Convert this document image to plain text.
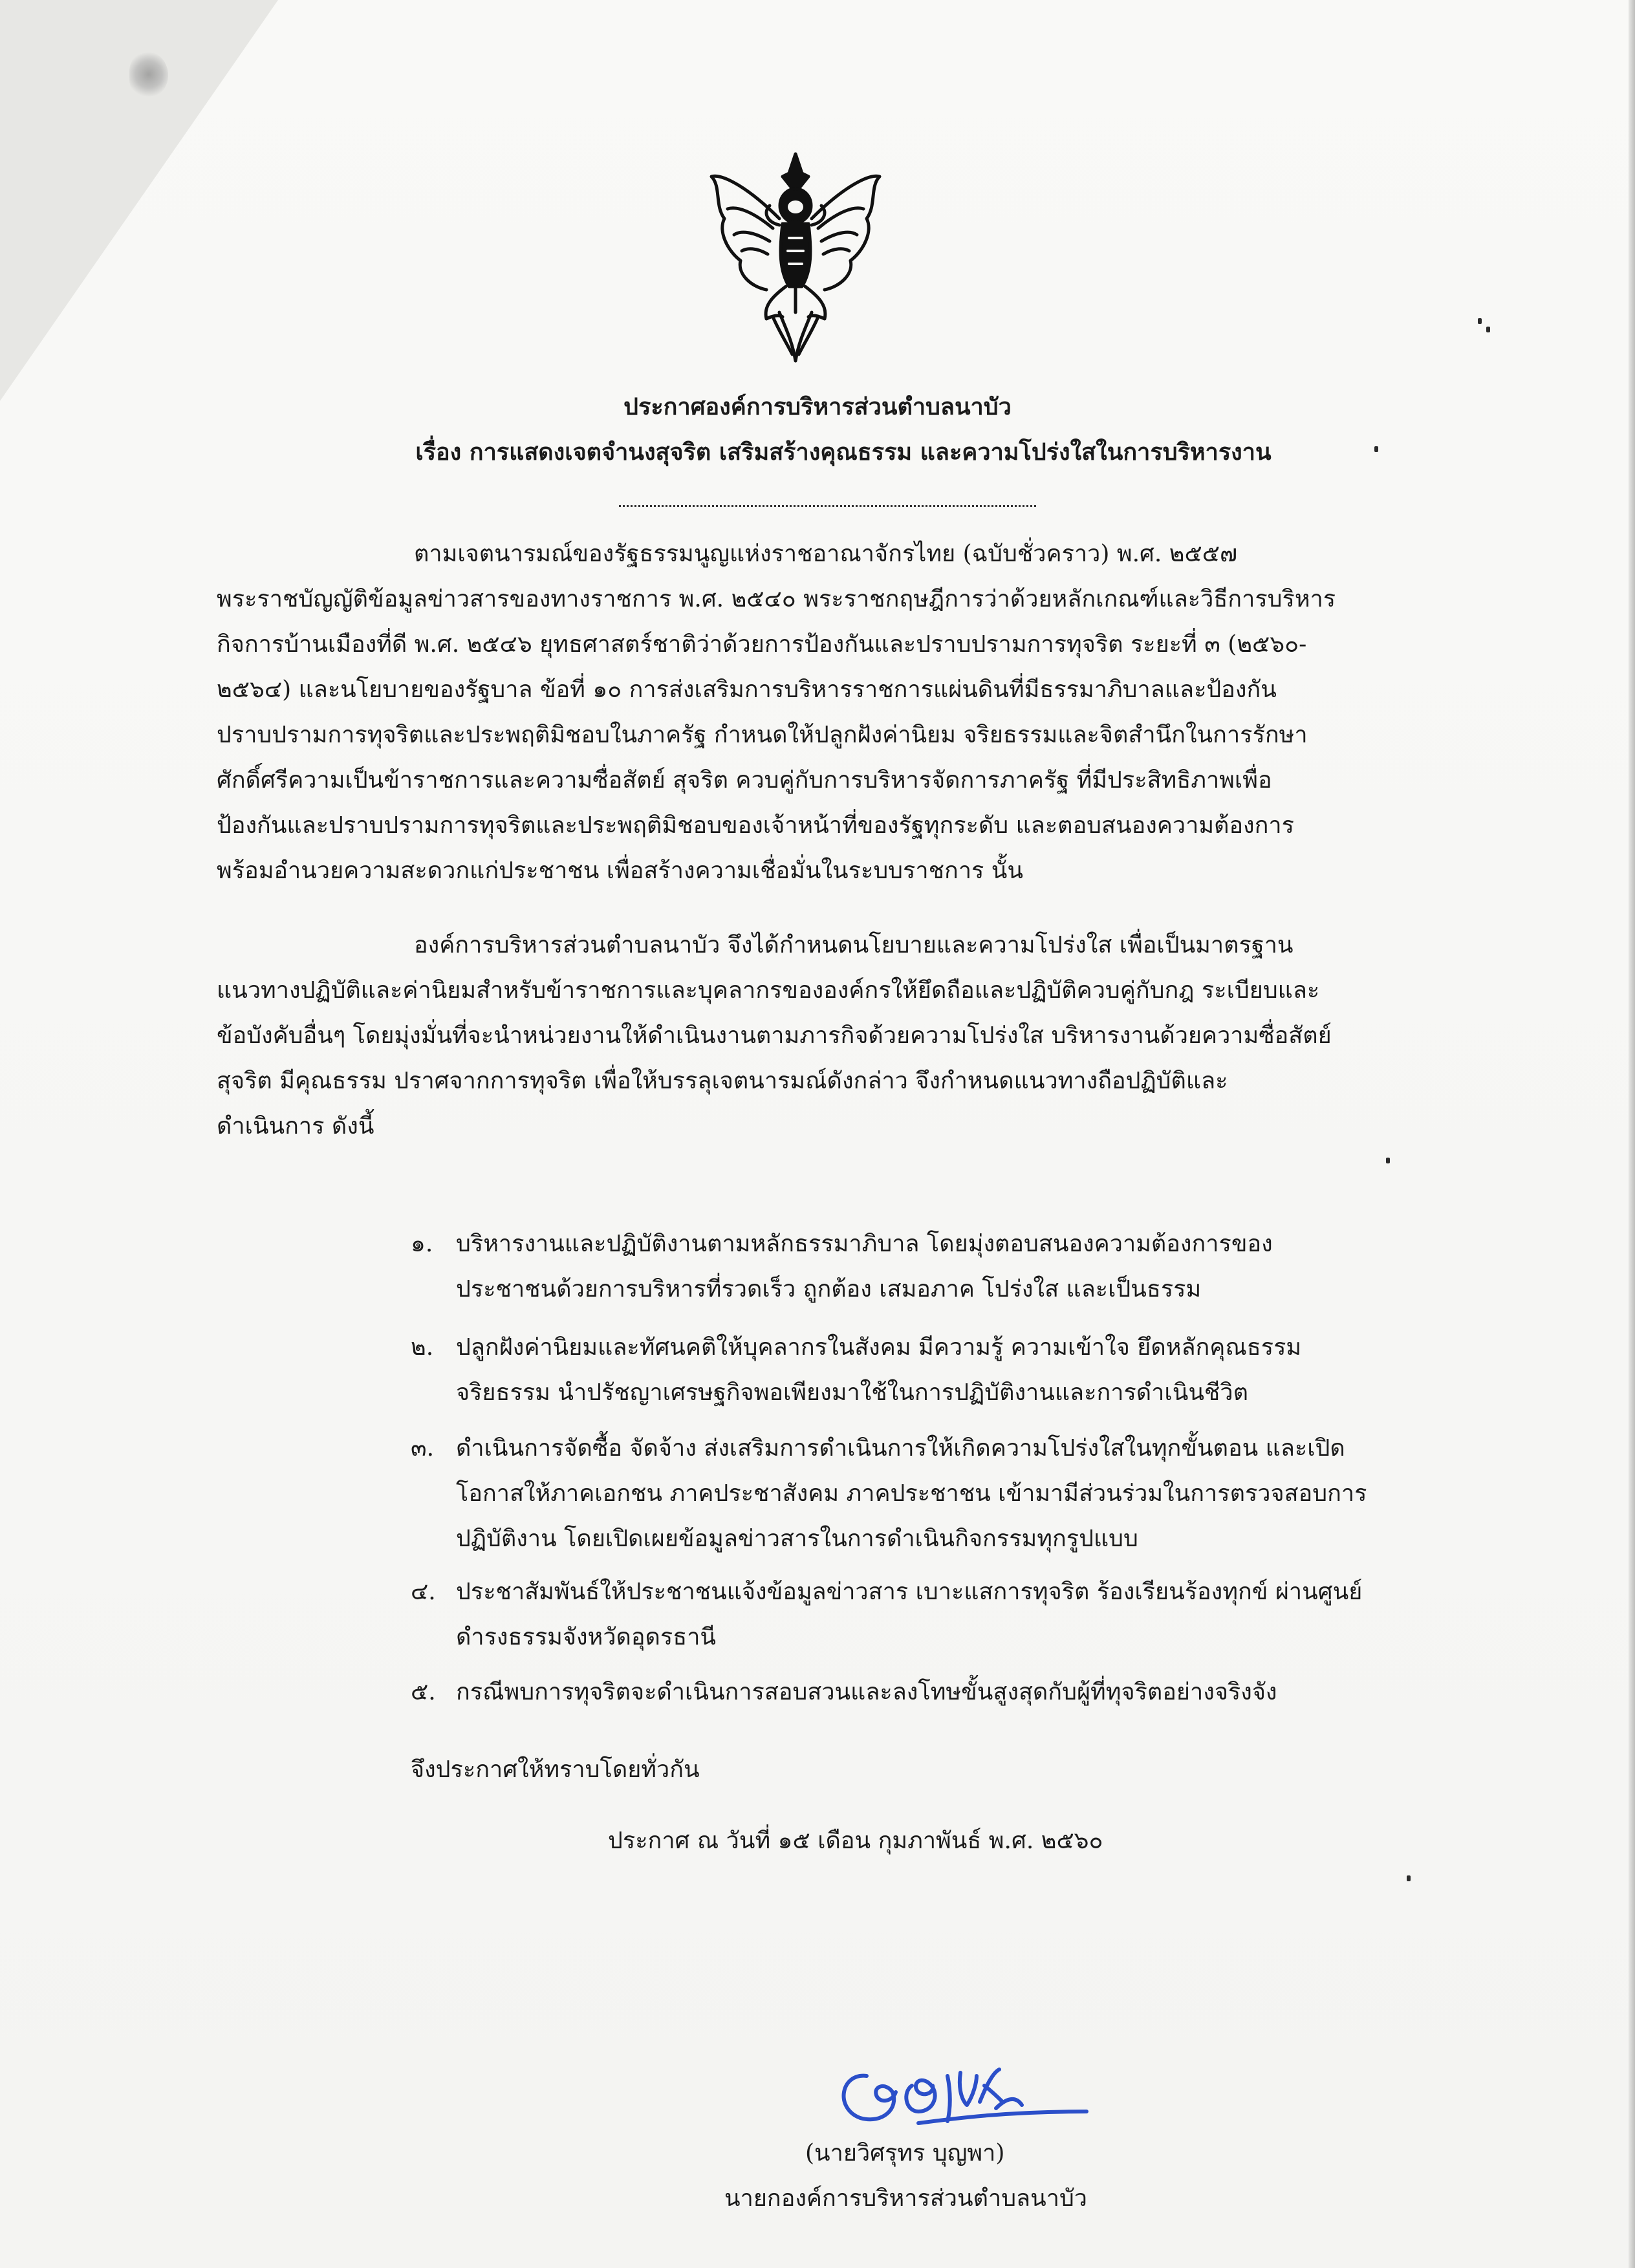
ประกาศองค์การบริหารส่วนตำบลนาบัว
เรื่อง การแสดงเจตจำนงสุจริต เสริมสร้างคุณธรรม และความโปร่งใสในการบริหารงาน
ตามเจตนารมณ์ของรัฐธรรมนูญแห่งราชอาณาจักรไทย (ฉบับชั่วคราว) พ.ศ. ๒๕๕๗
พระราชบัญญัติข้อมูลข่าวสารของทางราชการ พ.ศ. ๒๕๔๐ พระราชกฤษฎีการว่าด้วยหลักเกณฑ์และวิธีการบริหาร
กิจการบ้านเมืองที่ดี พ.ศ. ๒๕๔๖ ยุทธศาสตร์ชาติว่าด้วยการป้องกันและปราบปรามการทุจริต ระยะที่ ๓ (๒๕๖๐-
๒๕๖๔) และนโยบายของรัฐบาล ข้อที่ ๑๐ การส่งเสริมการบริหารราชการแผ่นดินที่มีธรรมาภิบาลและป้องกัน
ปราบปรามการทุจริตและประพฤติมิชอบในภาครัฐ กำหนดให้ปลูกฝังค่านิยม จริยธรรมและจิตสำนึกในการรักษา
ศักดิ์ศรีความเป็นข้าราชการและความซื่อสัตย์ สุจริต ควบคู่กับการบริหารจัดการภาครัฐ ที่มีประสิทธิภาพเพื่อ
ป้องกันและปราบปรามการทุจริตและประพฤติมิชอบของเจ้าหน้าที่ของรัฐทุกระดับ และตอบสนองความต้องการ
พร้อมอำนวยความสะดวกแก่ประชาชน เพื่อสร้างความเชื่อมั่นในระบบราชการ นั้น
องค์การบริหารส่วนตำบลนาบัว จึงได้กำหนดนโยบายและความโปร่งใส เพื่อเป็นมาตรฐาน
แนวทางปฏิบัติและค่านิยมสำหรับข้าราชการและบุคลากรขององค์กรให้ยึดถือและปฏิบัติควบคู่กับกฎ ระเบียบและ
ข้อบังคับอื่นๆ โดยมุ่งมั่นที่จะนำหน่วยงานให้ดำเนินงานตามภารกิจด้วยความโปร่งใส บริหารงานด้วยความซื่อสัตย์
สุจริต มีคุณธรรม ปราศจากการทุจริต เพื่อให้บรรลุเจตนารมณ์ดังกล่าว จึงกำหนดแนวทางถือปฏิบัติและ
ดำเนินการ ดังนี้
๑. บริหารงานและปฏิบัติงานตามหลักธรรมาภิบาล โดยมุ่งตอบสนองความต้องการของ
ประชาชนด้วยการบริหารที่รวดเร็ว ถูกต้อง เสมอภาค โปร่งใส และเป็นธรรม
๒. ปลูกฝังค่านิยมและทัศนคติให้บุคลากรในสังคม มีความรู้ ความเข้าใจ ยึดหลักคุณธรรม
จริยธรรม นำปรัชญาเศรษฐกิจพอเพียงมาใช้ในการปฏิบัติงานและการดำเนินชีวิต
๓. ดำเนินการจัดซื้อ จัดจ้าง ส่งเสริมการดำเนินการให้เกิดความโปร่งใสในทุกขั้นตอน และเปิด
โอกาสให้ภาคเอกชน ภาคประชาสังคม ภาคประชาชน เข้ามามีส่วนร่วมในการตรวจสอบการ
ปฏิบัติงาน โดยเปิดเผยข้อมูลข่าวสารในการดำเนินกิจกรรมทุกรูปแบบ
๔. ประชาสัมพันธ์ให้ประชาชนแจ้งข้อมูลข่าวสาร เบาะแสการทุจริต ร้องเรียนร้องทุกข์ ผ่านศูนย์
ดำรงธรรมจังหวัดอุดรธานี
๕. กรณีพบการทุจริตจะดำเนินการสอบสวนและลงโทษขั้นสูงสุดกับผู้ที่ทุจริตอย่างจริงจัง
จึงประกาศให้ทราบโดยทั่วกัน
ประกาศ ณ วันที่ ๑๕ เดือน กุมภาพันธ์ พ.ศ. ๒๕๖๐
(นายวิศรุทร บุญพา)
นายกองค์การบริหารส่วนตำบลนาบัว
